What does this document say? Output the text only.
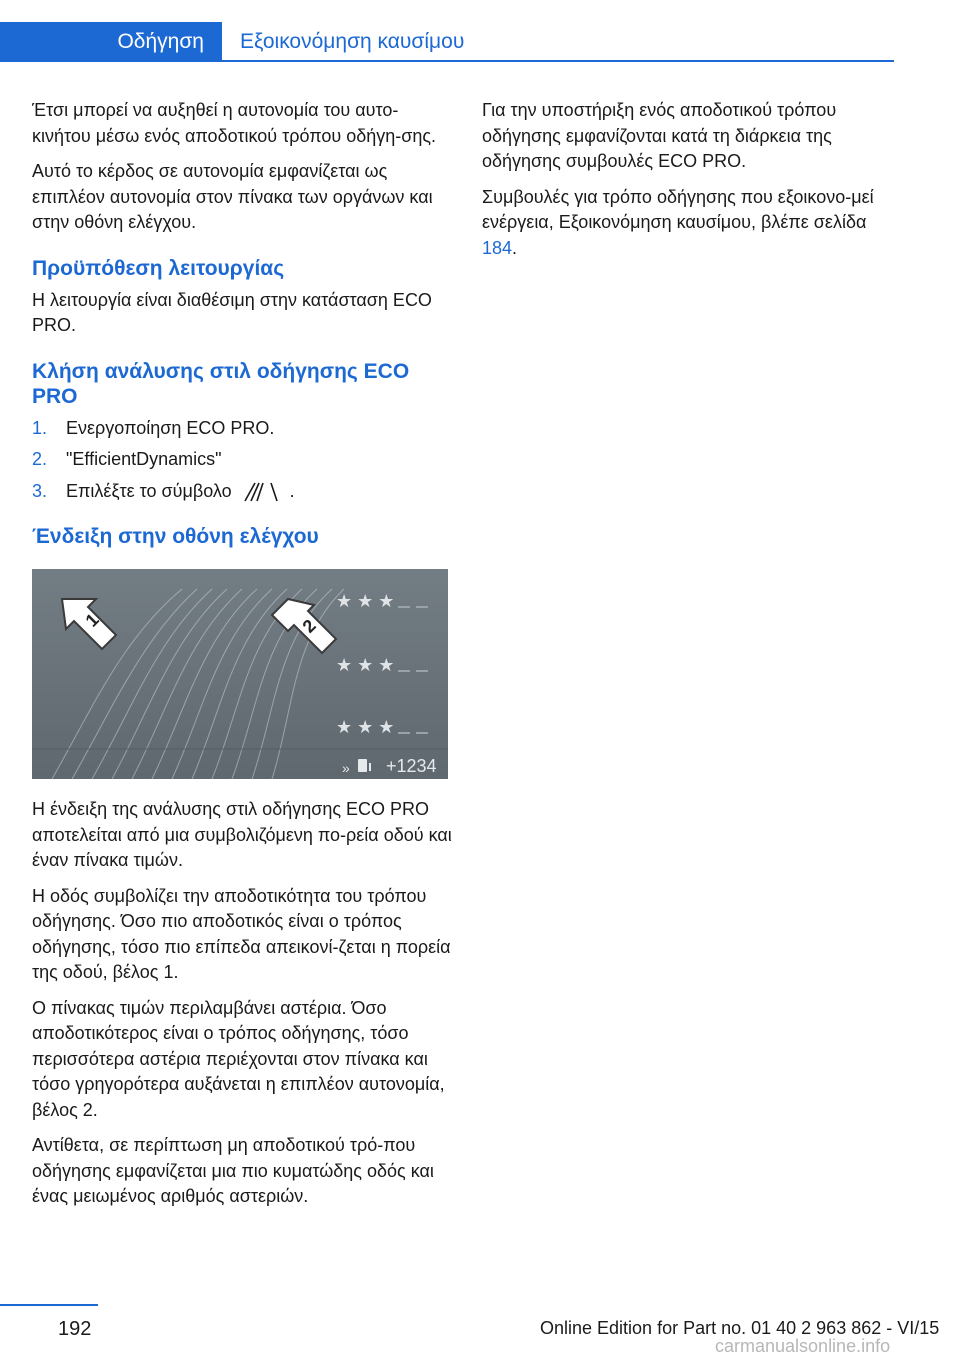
Οδήγηση	Εξοικονόμηση καυσίμου

Έτσι μπορεί να αυξηθεί η αυτονομία του αυτο‐κινήτου μέσω ενός αποδοτικού τρόπου οδήγη‐σης.

Αυτό το κέρδος σε αυτονομία εμφανίζεται ως επιπλέον αυτονομία στον πίνακα των οργάνων και στην οθόνη ελέγχου.

Προϋπόθεση λειτουργίας

Η λειτουργία είναι διαθέσιμη στην κατάσταση ECO PRO.

Κλήση ανάλυσης στιλ οδήγησης ECO PRO
1.	Ενεργοποίηση ECO PRO.
2.	"EfficientDynamics"
3.	Επιλέξτε το σύμβολο	.
Ένδειξη στην οθόνη ελέγχου
1	2
★ ★ ★
★ ★ ★
★ ★ ★
» +1234

Η ένδειξη της ανάλυσης στιλ οδήγησης ECO PRO αποτελείται από μια συμβολιζόμενη πο‐ρεία οδού και έναν πίνακα τιμών.

Η οδός συμβολίζει την αποδοτικότητα του τρόπου οδήγησης. Όσο πιο αποδοτικός είναι ο τρόπος οδήγησης, τόσο πιο επίπεδα απεικονί‐ζεται η πορεία της οδού, βέλος 1.

Ο πίνακας τιμών περιλαμβάνει αστέρια. Όσο αποδοτικότερος είναι ο τρόπος οδήγησης, τόσο περισσότερα αστέρια περιέχονται στον πίνακα και τόσο γρηγορότερα αυξάνεται η επιπλέον αυτονομία, βέλος 2.

Αντίθετα, σε περίπτωση μη αποδοτικού τρό‐που οδήγησης εμφανίζεται μια πιο κυματώδης οδός και ένας μειωμένος αριθμός αστεριών.

Για την υποστήριξη ενός αποδοτικού τρόπου οδήγησης εμφανίζονται κατά τη διάρκεια της οδήγησης συμβουλές ECO PRO.

Συμβουλές για τρόπο οδήγησης που εξοικονο‐μεί ενέργεια, Εξοικονόμηση καυσίμου, βλέπε σελίδα 184.

192	Online Edition for Part no. 01 40 2 963 862 - VI/15
carmanualsonline.info
